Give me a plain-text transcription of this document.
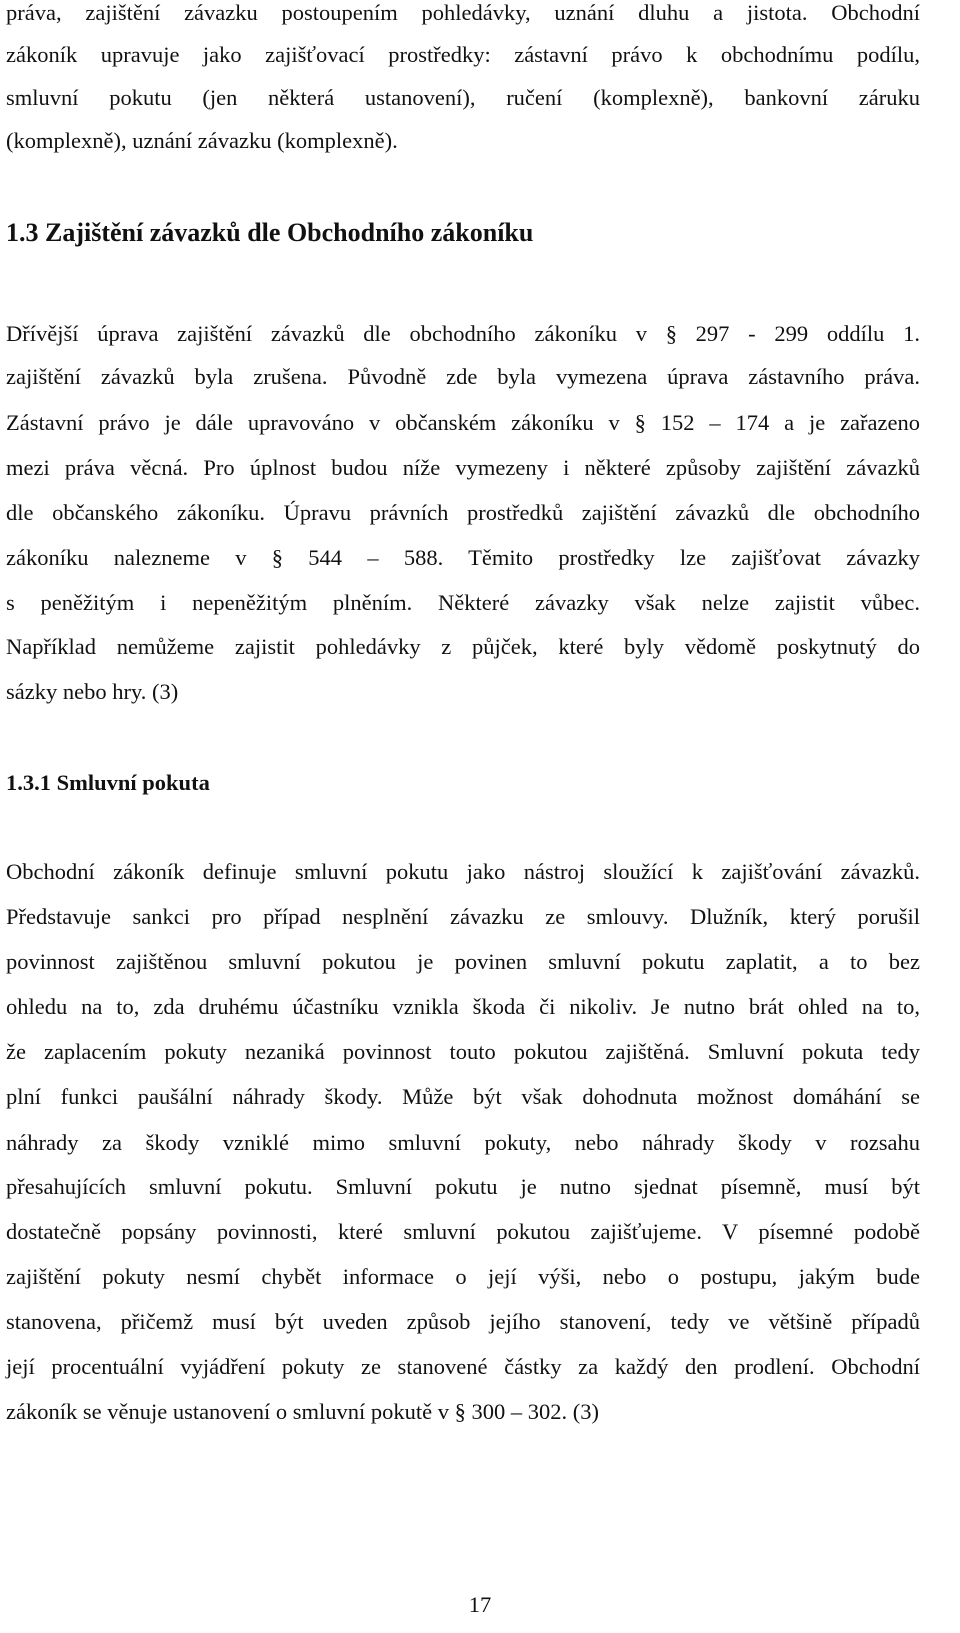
práva, zajištění závazku postoupením pohledávky, uznání dluhu a jistota. Obchodní
zákoník upravuje jako zajišťovací prostředky: zástavní právo k obchodnímu podílu,
smluvní pokutu (jen některá ustanovení), ručení (komplexně), bankovní záruku
(komplexně), uznání závazku (komplexně).
1.3 Zajištění závazků dle Obchodního zákoníku
Dřívější úprava zajištění závazků dle obchodního zákoníku v § 297 - 299 oddílu 1.
zajištění závazků byla zrušena. Původně zde byla vymezena úprava zástavního práva.
Zástavní právo je dále upravováno v občanském zákoníku v § 152 – 174 a je zařazeno
mezi práva věcná. Pro úplnost budou níže vymezeny i některé způsoby zajištění závazků
dle občanského zákoníku. Úpravu právních prostředků zajištění závazků dle obchodního
zákoníku nalezneme v § 544 – 588. Těmito prostředky lze zajišťovat závazky
s peněžitým i nepeněžitým plněním. Některé závazky však nelze zajistit vůbec.
Například nemůžeme zajistit pohledávky z půjček, které byly vědomě poskytnutý do
sázky nebo hry. (3)
1.3.1 Smluvní pokuta
Obchodní zákoník definuje smluvní pokutu jako nástroj sloužící k zajišťování závazků.
Představuje sankci pro případ nesplnění závazku ze smlouvy. Dlužník, který porušil
povinnost zajištěnou smluvní pokutou je povinen smluvní pokutu zaplatit, a to bez
ohledu na to, zda druhému účastníku vznikla škoda či nikoliv. Je nutno brát ohled na to,
že zaplacením pokuty nezaniká povinnost touto pokutou zajištěná. Smluvní pokuta tedy
plní funkci paušální náhrady škody. Může být však dohodnuta možnost domáhání se
náhrady za škody vzniklé mimo smluvní pokuty, nebo náhrady škody v rozsahu
přesahujících smluvní pokutu. Smluvní pokutu je nutno sjednat písemně, musí být
dostatečně popsány povinnosti, které smluvní pokutou zajišťujeme. V písemné podobě
zajištění pokuty nesmí chybět informace o její výši, nebo o postupu, jakým bude
stanovena, přičemž musí být uveden způsob jejího stanovení, tedy ve většině případů
její procentuální vyjádření pokuty ze stanovené částky za každý den prodlení. Obchodní
zákoník se věnuje ustanovení o smluvní pokutě v § 300 – 302. (3)
17
